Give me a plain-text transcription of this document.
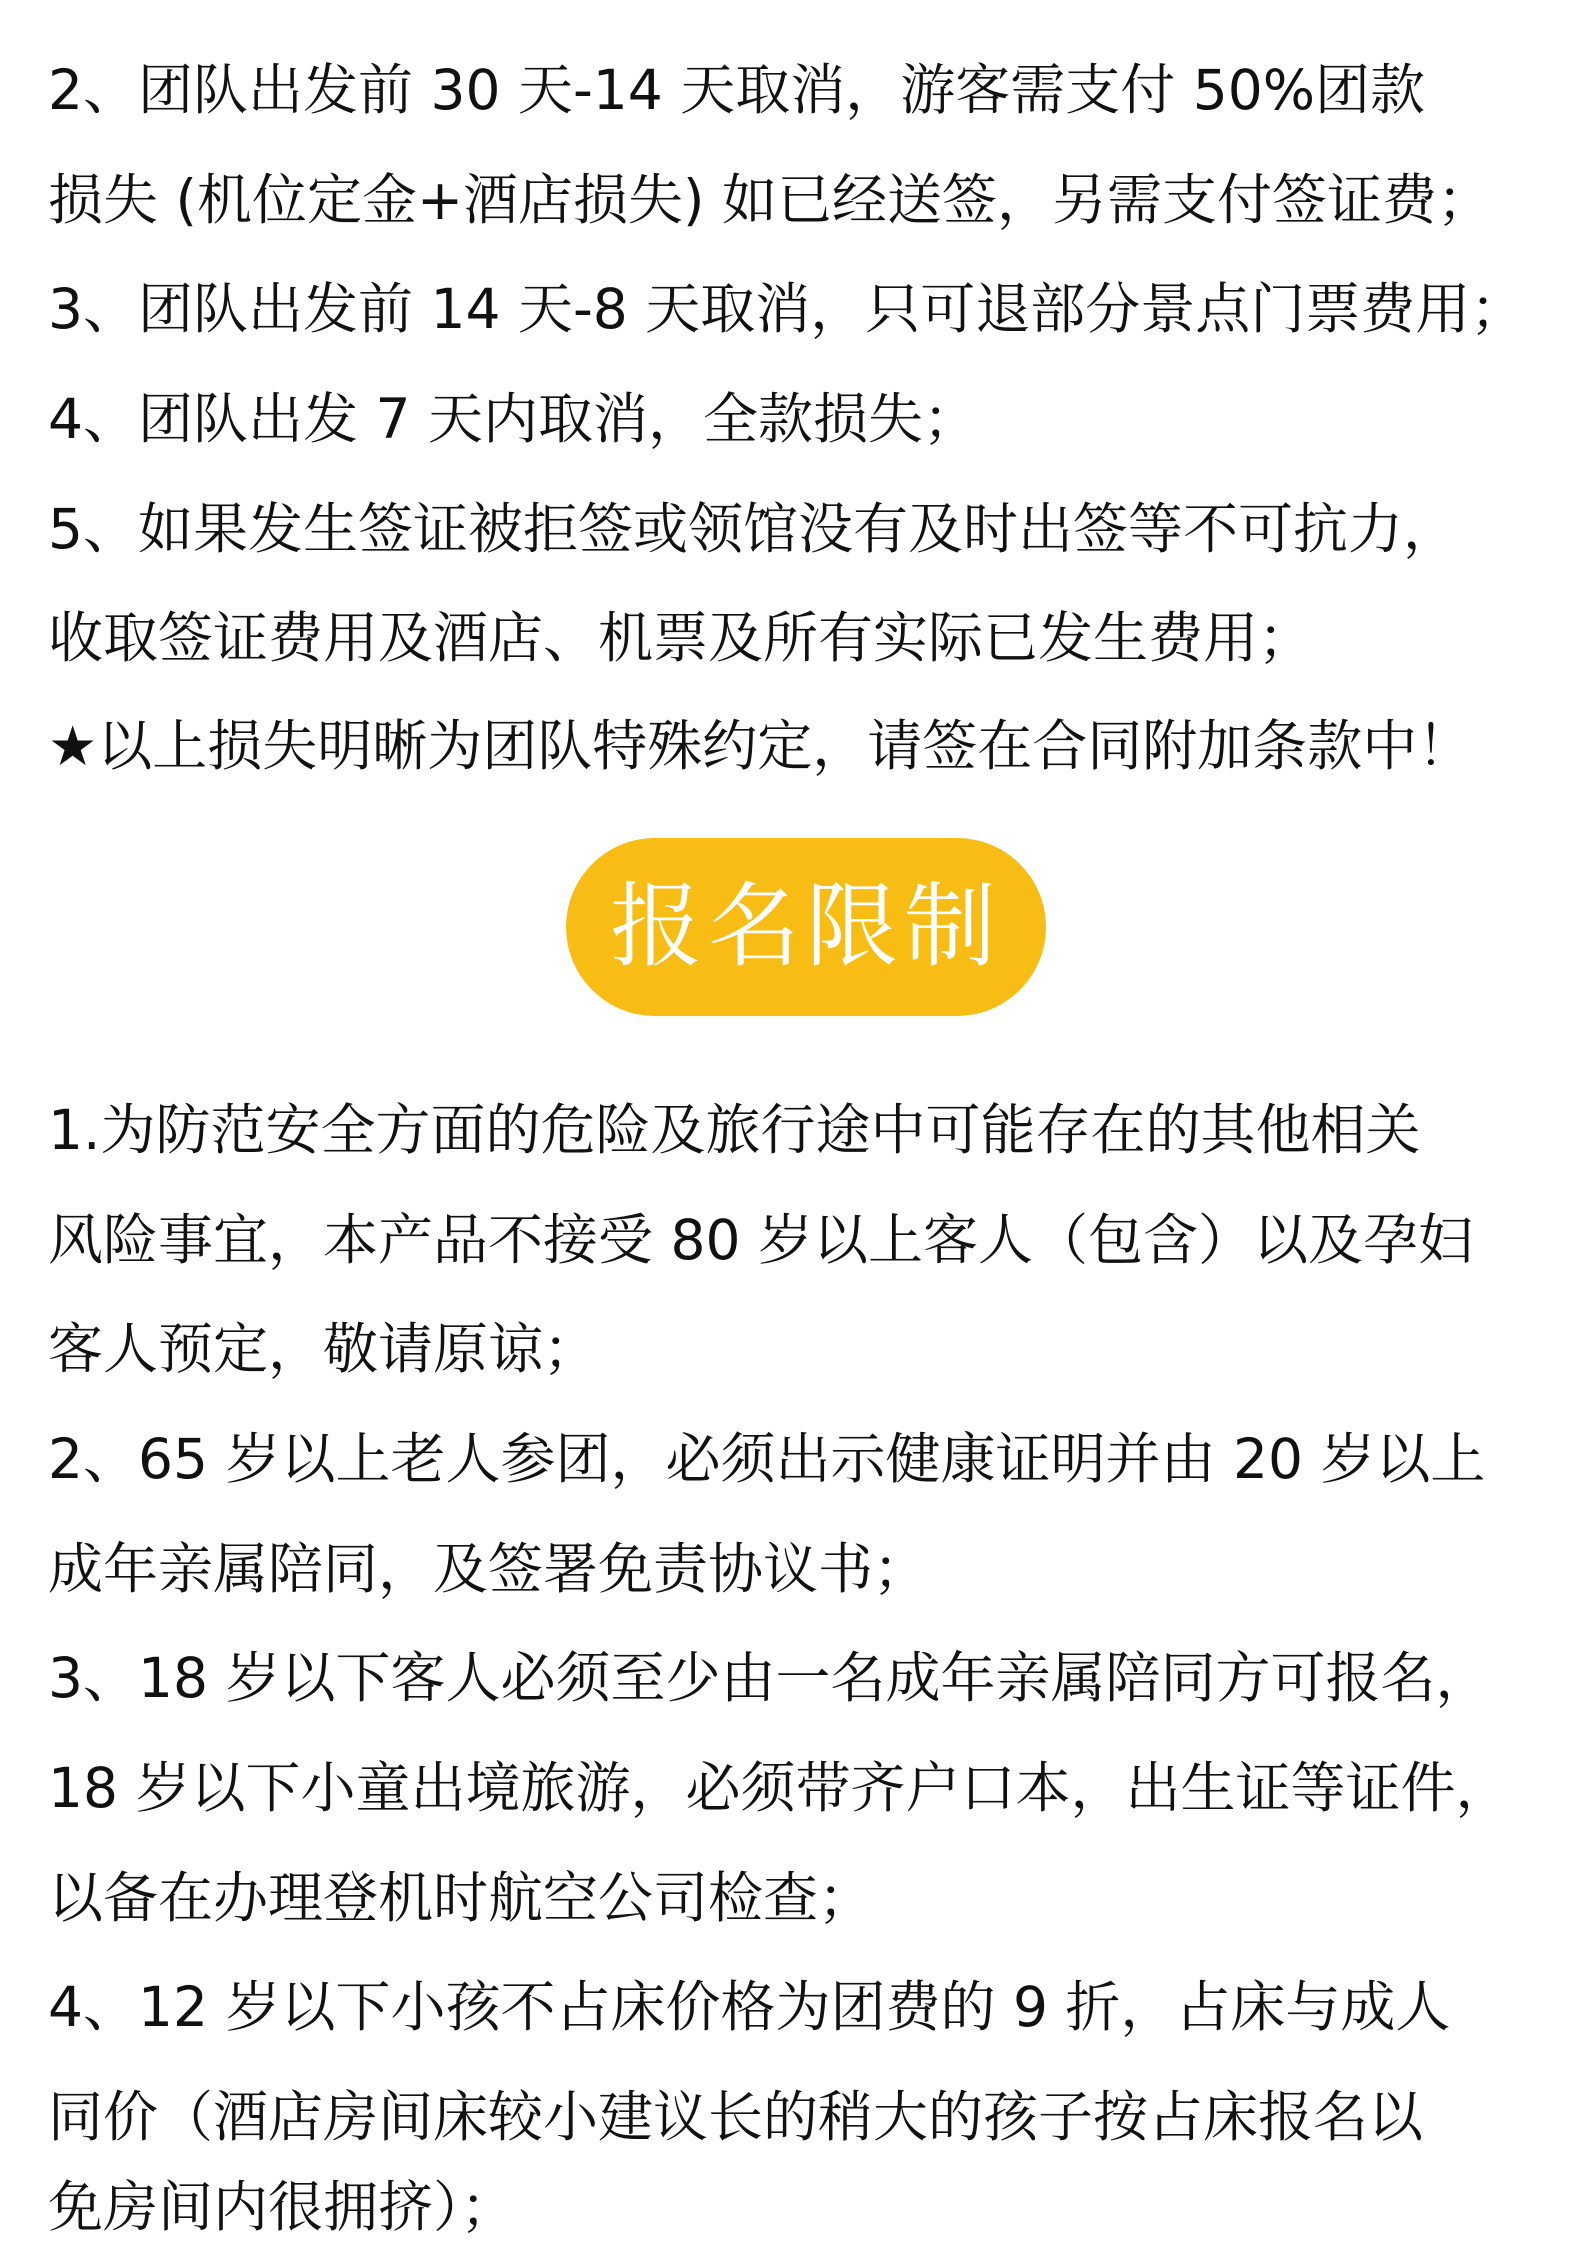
2、团队出发前 30 天-14 天取消，游客需支付 50%团款
损失 (机位定金+酒店损失) 如已经送签，另需支付签证费；
3、团队出发前 14 天-8 天取消，只可退部分景点门票费用；
4、团队出发 7 天内取消，全款损失；
5、如果发生签证被拒签或领馆没有及时出签等不可抗力，
收取签证费用及酒店、机票及所有实际已发生费用；
★以上损失明晰为团队特殊约定，请签在合同附加条款中！
报名限制
1.为防范安全方面的危险及旅行途中可能存在的其他相关
风险事宜，本产品不接受 80 岁以上客人（包含）以及孕妇
客人预定，敬请原谅；
2、65 岁以上老人参团，必须出示健康证明并由 20 岁以上
成年亲属陪同，及签署免责协议书；
3、18 岁以下客人必须至少由一名成年亲属陪同方可报名，
18 岁以下小童出境旅游，必须带齐户口本，出生证等证件，
以备在办理登机时航空公司检查；
4、12 岁以下小孩不占床价格为团费的 9 折，占床与成人
同价（酒店房间床较小建议长的稍大的孩子按占床报名以
免房间内很拥挤）；
